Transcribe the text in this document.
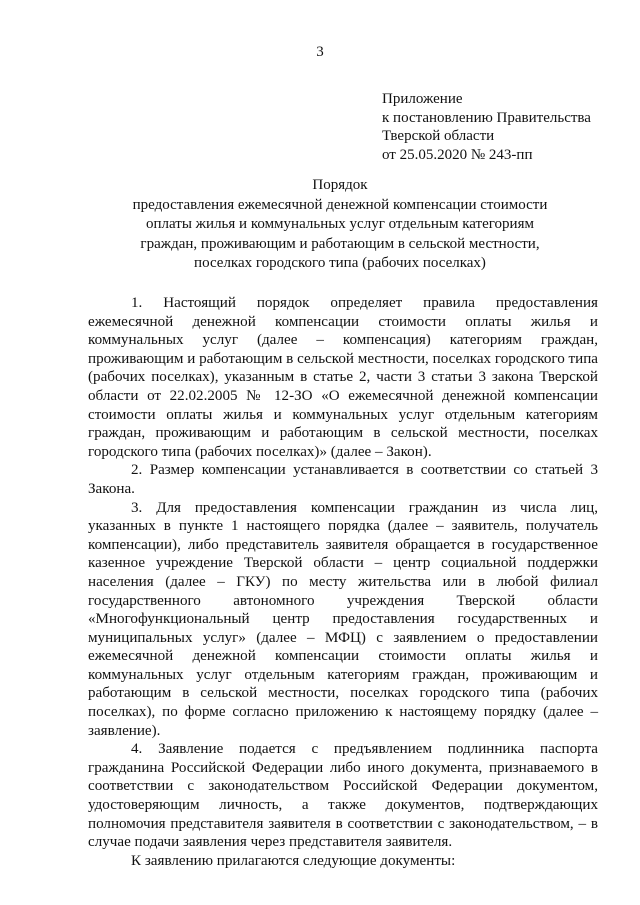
3
Приложение
к постановлению Правительства
Тверской области
от 25.05.2020 № 243-пп
Порядок
предоставления ежемесячной денежной компенсации стоимости
оплаты жилья и коммунальных услуг отдельным категориям
граждан, проживающим и работающим в сельской местности,
поселках городского типа (рабочих поселках)

1. Настоящий порядок определяет правила предоставления ежемесячной денежной компенсации стоимости оплаты жилья и коммунальных услуг (далее – компенсация) категориям граждан, проживающим и работающим в сельской местности, поселках городского типа (рабочих поселках), указанным в статье 2, части 3 статьи 3 закона Тверской области от 22.02.2005 № 12-ЗО «О ежемесячной денежной компенсации стоимости оплаты жилья и коммунальных услуг отдельным категориям граждан, проживающим и работающим в сельской местности, поселках городского типа (рабочих поселках)» (далее – Закон).

2. Размер компенсации устанавливается в соответствии со статьей 3 Закона.

3. Для предоставления компенсации гражданин из числа лиц, указанных в пункте 1 настоящего порядка (далее – заявитель, получатель компенсации), либо представитель заявителя обращается в государственное казенное учреждение Тверской области – центр социальной поддержки населения (далее – ГКУ) по месту жительства или в любой филиал государственного автономного учреждения Тверской области «Многофункциональный центр предоставления государственных и муниципальных услуг» (далее – МФЦ) с заявлением о предоставлении ежемесячной денежной компенсации стоимости оплаты жилья и коммунальных услуг отдельным категориям граждан, проживающим и работающим в сельской местности, поселках городского типа (рабочих поселках), по форме согласно приложению к настоящему порядку (далее – заявление).

4. Заявление подается с предъявлением подлинника паспорта гражданина Российской Федерации либо иного документа, признаваемого в соответствии с законодательством Российской Федерации документом, удостоверяющим личность, а также документов, подтверждающих полномочия представителя заявителя в соответствии с законодательством, – в случае подачи заявления через представителя заявителя.

К заявлению прилагаются следующие документы:
